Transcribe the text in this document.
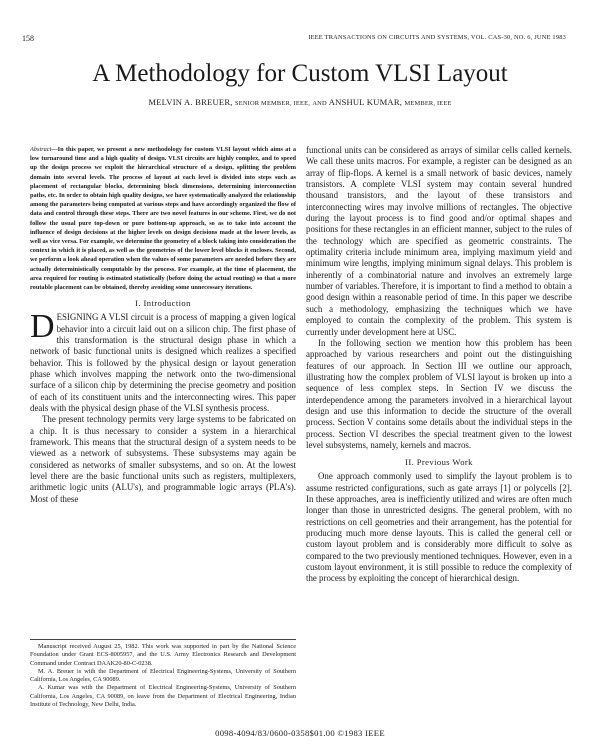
158	IEEE TRANSACTIONS ON CIRCUITS AND SYSTEMS, VOL. CAS-30, NO. 6, JUNE 1983
A Methodology for Custom VLSI Layout
MELVIN A. BREUER, SENIOR MEMBER, IEEE, AND ANSHUL KUMAR, MEMBER, IEEE

Abstract—In this paper, we present a new methodology for custom VLSI layout which aims at a low turnaround time and a high quality of design. VLSI circuits are highly complex, and to speed up the design process we exploit the hierarchical structure of a design, splitting the problem domain into several levels. The process of layout at each level is divided into steps such as placement of rectangular blocks, determining block dimensions, determining interconnection paths, etc. In order to obtain high quality designs, we have systematically analyzed the relationship among the parameters being computed at various steps and have accordingly organized the flow of data and control through these steps. There are two novel features in our scheme. First, we do not follow the usual pure top-down or pure bottom-up approach, so as to take into account the influence of design decisions at the higher levels on design decisions made at the lower levels, as well as vice versa. For example, we determine the geometry of a block taking into consideration the context in which it is placed, as well as the geometries of the lower level blocks it encloses. Second, we perform a look ahead operation when the values of some parameters are needed before they are actually deterministically computable by the process. For example, at the time of placement, the area required for routing is estimated statistically (before doing the actual routing) so that a more routable placement can be obtained, thereby avoiding some unnecessary iterations.

I. Introduction

DESIGNING A VLSI circuit is a process of mapping a given logical behavior into a circuit laid out on a silicon chip. The first phase of this transformation is the structural design phase in which a network of basic functional units is designed which realizes a specified behavior. This is followed by the physical design or layout generation phase which involves mapping the network onto the two-dimensional surface of a silicon chip by determining the precise geometry and position of each of its constituent units and the interconnecting wires. This paper deals with the physical design phase of the VLSI synthesis process.

The present technology permits very large systems to be fabricated on a chip. It is thus necessary to consider a system in a hierarchical framework. This means that the structural design of a system needs to be viewed as a network of subsystems. These subsystems may again be considered as networks of smaller subsystems, and so on. At the lowest level there are the basic functional units such as registers, multiplexers, arithmetic logic units (ALU's), and programmable logic arrays (PLA's). Most of these

Manuscript received August 25, 1982. This work was supported in part by the National Science Foundation under Grant ECS-8005957, and the U.S. Army Electronics Research and Development Command under Contract DAAK20-80-C-0238.

M. A. Breuer is with the Department of Electrical Engineering-Systems, University of Southern California, Los Angeles, CA 90089.

A. Kumar was with the Department of Electrical Engineering-Systems, University of Southern California, Los Angeles, CA 90089, on leave from the Department of Electrical Engineering, Indian Institute of Technology, New Delhi, India.

functional units can be considered as arrays of similar cells called kernels. We call these units macros. For example, a register can be designed as an array of flip-flops. A kernel is a small network of basic devices, namely transistors. A complete VLSI system may contain several hundred thousand transistors, and the layout of these transistors and interconnecting wires may involve millions of rectangles. The objective during the layout process is to find good and/or optimal shapes and positions for these rectangles in an efficient manner, subject to the rules of the technology which are specified as geometric constraints. The optimality criteria include minimum area, implying maximum yield and minimum wire lengths, implying minimum signal delays. This problem is inherently of a combinatorial nature and involves an extremely large number of variables. Therefore, it is important to find a method to obtain a good design within a reasonable period of time. In this paper we describe such a methodology, emphasizing the techniques which we have employed to contain the complexity of the problem. This system is currently under development here at USC.

In the following section we mention how this problem has been approached by various researchers and point out the distinguishing features of our approach. In Section III we outline our approach, illustrating how the complex problem of VLSI layout is broken up into a sequence of less complex steps. In Section IV we discuss the interdependence among the parameters involved in a hierarchical layout design and use this information to decide the structure of the overall process. Section V contains some details about the individual steps in the process. Section VI describes the special treatment given to the lowest level subsystems, namely, kernels and macros.

II. Previous Work

One approach commonly used to simplify the layout problem is to assume restricted configurations, such as gate arrays [1] or polycells [2]. In these approaches, area is inefficiently utilized and wires are often much longer than those in unrestricted designs. The general problem, with no restrictions on cell geometries and their arrangement, has the potential for producing much more dense layouts. This is called the general cell or custom layout problem and is considerably more difficult to solve as compared to the two previously mentioned techniques. However, even in a custom layout environment, it is still possible to reduce the complexity of the process by exploiting the concept of hierarchical design.

0098-4094/83/0600-0358$01.00 ©1983 IEEE
